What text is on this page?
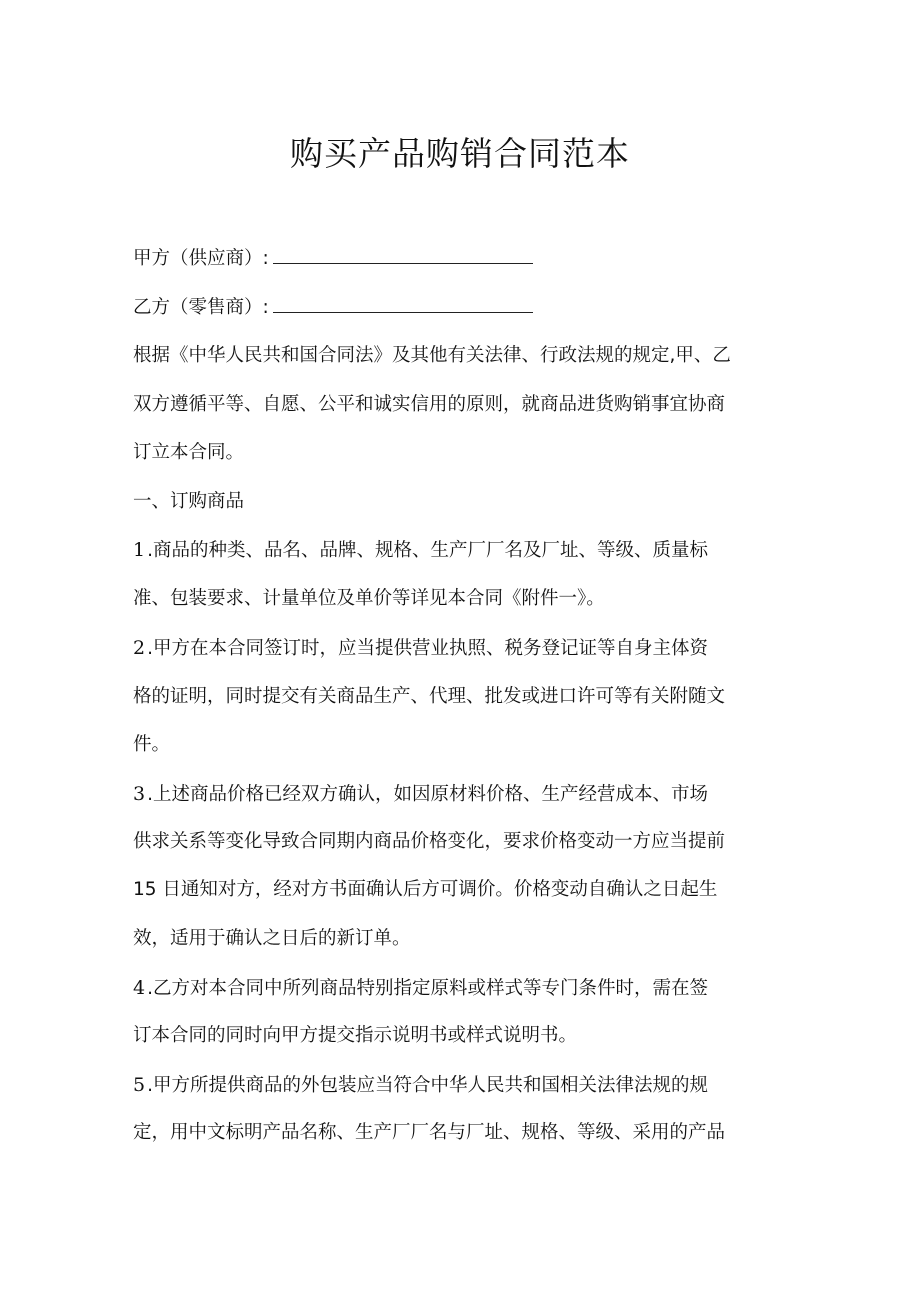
购买产品购销合同范本
甲方（供应商）:
乙方（零售商）:
根据《中华人民共和国合同法》及其他有关法律、行政法规的规定,甲、乙
双方遵循平等、自愿、公平和诚实信用的原则，就商品进货购销事宜协商
订立本合同。
一、订购商品
1.商品的种类、品名、品牌、规格、生产厂厂名及厂址、等级、质量标
准、包装要求、计量单位及单价等详见本合同《附件一》。
2.甲方在本合同签订时，应当提供营业执照、税务登记证等自身主体资
格的证明，同时提交有关商品生产、代理、批发或进口许可等有关附随文
件。
3.上述商品价格已经双方确认，如因原材料价格、生产经营成本、市场
供求关系等变化导致合同期内商品价格变化，要求价格变动一方应当提前
15 日通知对方，经对方书面确认后方可调价。价格变动自确认之日起生
效，适用于确认之日后的新订单。
4.乙方对本合同中所列商品特别指定原料或样式等专门条件时，需在签
订本合同的同时向甲方提交指示说明书或样式说明书。
5.甲方所提供商品的外包装应当符合中华人民共和国相关法律法规的规
定，用中文标明产品名称、生产厂厂名与厂址、规格、等级、采用的产品
